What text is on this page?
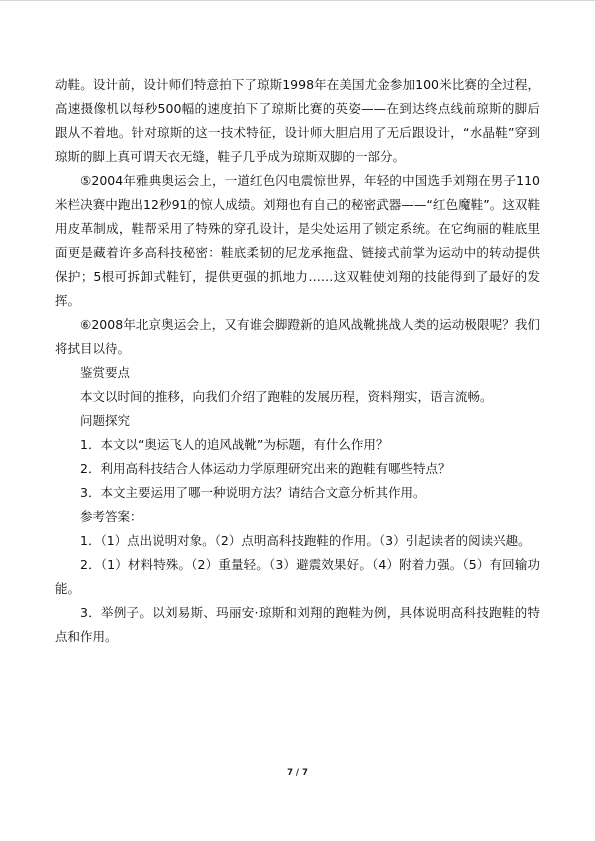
动鞋。设计前，设计师们特意拍下了琼斯1998年在美国尤金参加100米比赛的全过程，高速摄像机以每秒500幅的速度拍下了琼斯比赛的英姿——在到达终点线前琼斯的脚后跟从不着地。针对琼斯的这一技术特征，设计师大胆启用了无后跟设计，“水晶鞋”穿到琼斯的脚上真可谓天衣无缝，鞋子几乎成为琼斯双脚的一部分。

⑤2004年雅典奥运会上，一道红色闪电震惊世界，年轻的中国选手刘翔在男子110米栏决赛中跑出12秒91的惊人成绩。刘翔也有自己的秘密武器——“红色魔鞋”。这双鞋用皮革制成，鞋帮采用了特殊的穿孔设计，是尖处运用了锁定系统。在它绚丽的鞋底里面更是藏着许多高科技秘密：鞋底柔韧的尼龙承拖盘、链接式前掌为运动中的转动提供保护；5根可拆卸式鞋钉，提供更强的抓地力……这双鞋使刘翔的技能得到了最好的发挥。

⑥2008年北京奥运会上，又有谁会脚蹬新的追风战靴挑战人类的运动极限呢？我们将拭目以待。

鉴赏要点

本文以时间的推移，向我们介绍了跑鞋的发展历程，资料翔实，语言流畅。

问题探究

1．本文以“奥运飞人的追风战靴”为标题，有什么作用？

2．利用高科技结合人体运动力学原理研究出来的跑鞋有哪些特点？

3．本文主要运用了哪一种说明方法？请结合文意分析其作用。

参考答案：

1．（1）点出说明对象。（2）点明高科技跑鞋的作用。（3）引起读者的阅读兴趣。

2．（1）材料特殊。（2）重量轻。（3）避震效果好。（4）附着力强。（5）有回输功能。

3．举例子。以刘易斯、玛丽安·琼斯和刘翔的跑鞋为例，具体说明高科技跑鞋的特点和作用。

7 / 7
